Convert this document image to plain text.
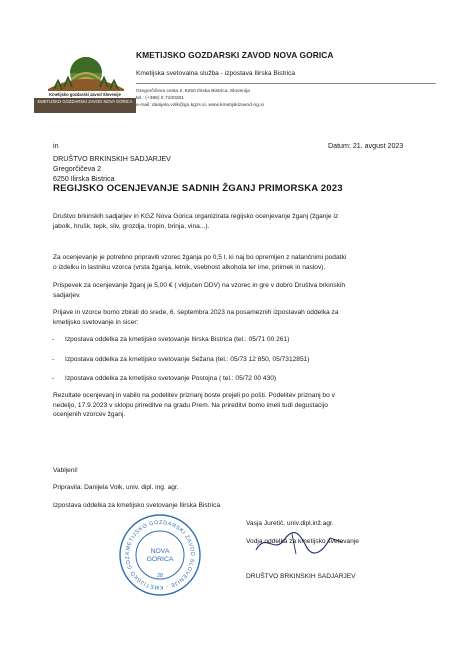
Kmetijsko gozdarski zavod Slovenije
KMETIJSKO GOZDARSKI ZAVOD NOVA GORICA
KMETIJSKO GOZDARSKI ZAVOD NOVA GORICA
Kmetijska svetovalna služba - izpostava Ilirska Bistrica
Gregorčičeva cesta 2, 6250 Ilirska Bistrica, Slovenija
tel.: (+386) 5 7100261
e-mail: danijela.volk@go.kgzs.si, www.kmetijskizavod-ng.si
in	Datum: 21. avgust 2023
DRUŠTVO BRKINSKIH SADJARJEV
Gregorčičeva 2
6250 Ilirska Bistrica
REGIJSKO OCENJEVANJE SADNIH ŽGANJ PRIMORSKA 2023
Društvo brkinskih sadjarjev in KGZ Nova Gorica organizirata regijsko ocenjevanje žganj (žganje iz
jabolk, hrušk, tepk, sliv, grozdja, tropin, brinja, vina...).
Za ocenjevanje je potrebno pripraviti vzorec žganja po 0,5 l, ki naj bo opremljen z natančnimi podatki
o izdelku in lastniku vzorca (vrsta žganja, letnik, vsebnost alkohola ter ime, priimek in naslov).
Prispevek za ocenjevanje žganj je 5,00 € ( vključen DDV) na vzorec in gre v dobro Društva brkinskih
sadjarjev.
Prijave in vzorce bomo zbirali do srede, 6. septembra 2023 na posameznih izpostavah oddelka za
kmetijsko svetovanje in sicer:
- Izpostava oddelka za kmetijsko svetovanje Ilirska Bistrica (tel.: 05/71 00 261)
- Izpostava oddelka za kmetijsko svetovanje Sežana (tel.: 05/73 12 850, 05/7312851)
- Izpostava oddelka za kmetijsko svetovanje Postojna ( tel.: 05/72 00 430)
Rezultate ocenjevanj in vabilo na podelitev priznanj boste prejeli po pošti. Podelitev priznanj bo v
nedeljo, 17.9.2023 v sklopu prireditve na gradu Prem. Na prireditvi bomo imeli tudi degustacijo
ocenjenih vzorcev žganj.
Vabljeni!
Pripravila: Danijela Volk, univ. dipl. ing. agr.
Izpostava oddelka za kmetijsko svetovanje Ilirska Bistrica
KMETIJSKO GOZDARSKI ZAVOD SLOVENIJE · KMETIJSKO GOZ
NOVA
GORICA
28
Vasja Juretič, univ.dipl.inž.agr.
Vodja oddelka za kmetijsko svetovanje
DRUŠTVO BRKINSKIH SADJARJEV
